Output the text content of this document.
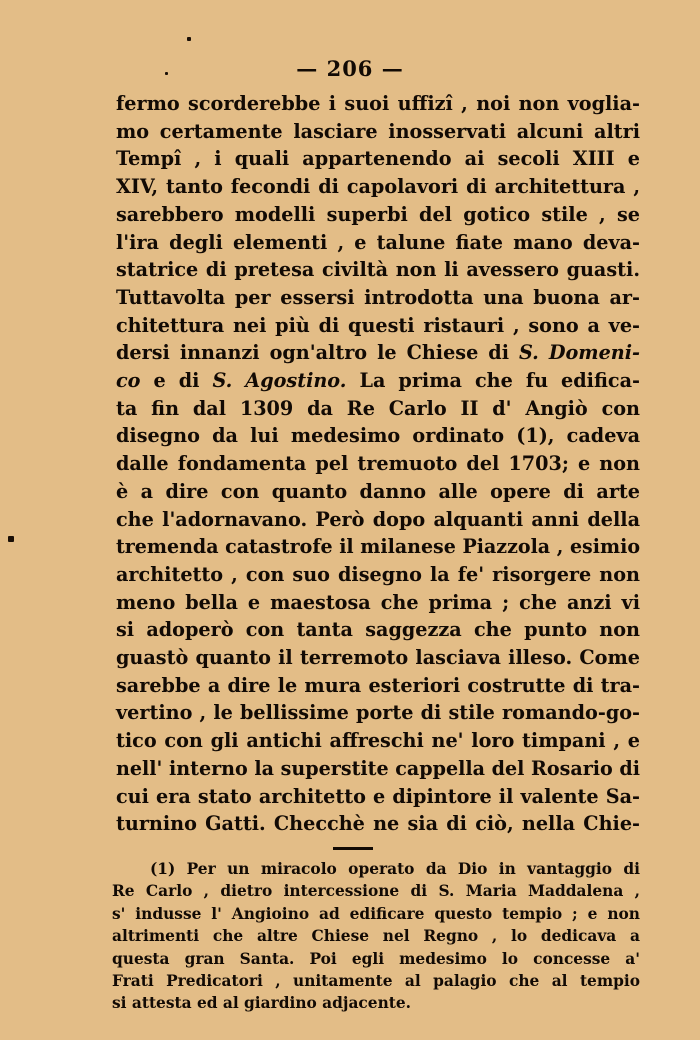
— 206 —
fermo scorderebbe i suoi uffizî , noi non voglia-
mo certamente lasciare inosservati alcuni altri
Tempî , i quali appartenendo ai secoli XIII e
XIV, tanto fecondi di capolavori di architettura ,
sarebbero modelli superbi del gotico stile , se
l'ira degli elementi , e talune fiate mano deva-
statrice di pretesa civiltà non li avessero guasti.
Tuttavolta per essersi introdotta una buona ar-
chitettura nei più di questi ristauri , sono a ve-
dersi innanzi ogn'altro le Chiese di S. Domeni-
co e di S. Agostino. La prima che fu edifica-
ta fin dal 1309 da Re Carlo II d' Angiò con
disegno da lui medesimo ordinato (1), cadeva
dalle fondamenta pel tremuoto del 1703; e non
è a dire con quanto danno alle opere di arte
che l'adornavano. Però dopo alquanti anni della
tremenda catastrofe il milanese Piazzola , esimio
architetto , con suo disegno la fe' risorgere non
meno bella e maestosa che prima ; che anzi vi
si adoperò con tanta saggezza che punto non
guastò quanto il terremoto lasciava illeso. Come
sarebbe a dire le mura esteriori costrutte di tra-
vertino , le bellissime porte di stile romando-go-
tico con gli antichi affreschi ne' loro timpani , e
nell' interno la superstite cappella del Rosario di
cui era stato architetto e dipintore il valente Sa-
turnino Gatti. Checchè ne sia di ciò, nella Chie-
(1) Per un miracolo operato da Dio in vantaggio di
Re Carlo , dietro intercessione di S. Maria Maddalena ,
s' indusse l' Angioino ad edificare questo tempio ; e non
altrimenti che altre Chiese nel Regno , lo dedicava a
questa gran Santa. Poi egli medesimo lo concesse a'
Frati Predicatori , unitamente al palagio che al tempio
si attesta ed al giardino adjacente.
